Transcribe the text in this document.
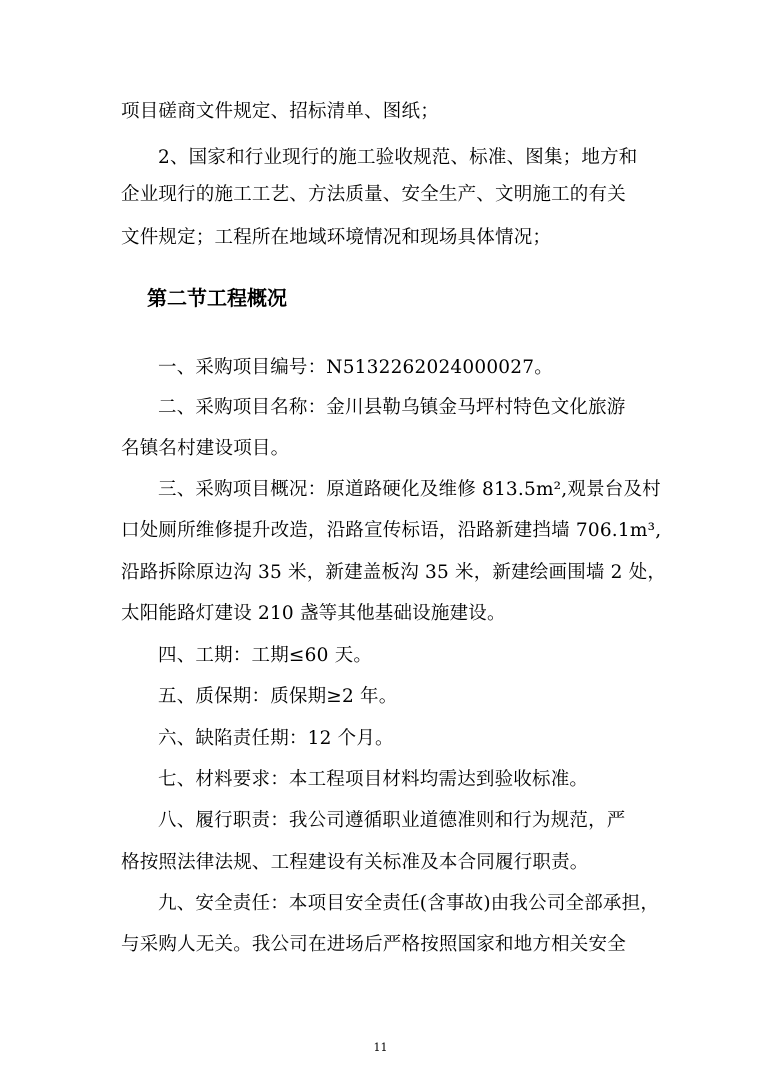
项目磋商文件规定、招标清单、图纸；
2、国家和行业现行的施工验收规范、标准、图集；地方和
企业现行的施工工艺、方法质量、安全生产、文明施工的有关
文件规定；工程所在地域环境情况和现场具体情况；
第二节工程概况
一、采购项目编号：N5132262024000027。
二、采购项目名称：金川县勒乌镇金马坪村特色文化旅游
名镇名村建设项目。
三、采购项目概况：原道路硬化及维修 813.5m²,观景台及村
口处厕所维修提升改造，沿路宣传标语，沿路新建挡墙 706.1m³,
沿路拆除原边沟 35 米，新建盖板沟 35 米，新建绘画围墙 2 处，
太阳能路灯建设 210 盏等其他基础设施建设。
四、工期：工期≤60 天。
五、质保期：质保期≥2 年。
六、缺陷责任期：12 个月。
七、材料要求：本工程项目材料均需达到验收标准。
八、履行职责：我公司遵循职业道德准则和行为规范，严
格按照法律法规、工程建设有关标准及本合同履行职责。
九、安全责任：本项目安全责任(含事故)由我公司全部承担，
与采购人无关。我公司在进场后严格按照国家和地方相关安全
11
